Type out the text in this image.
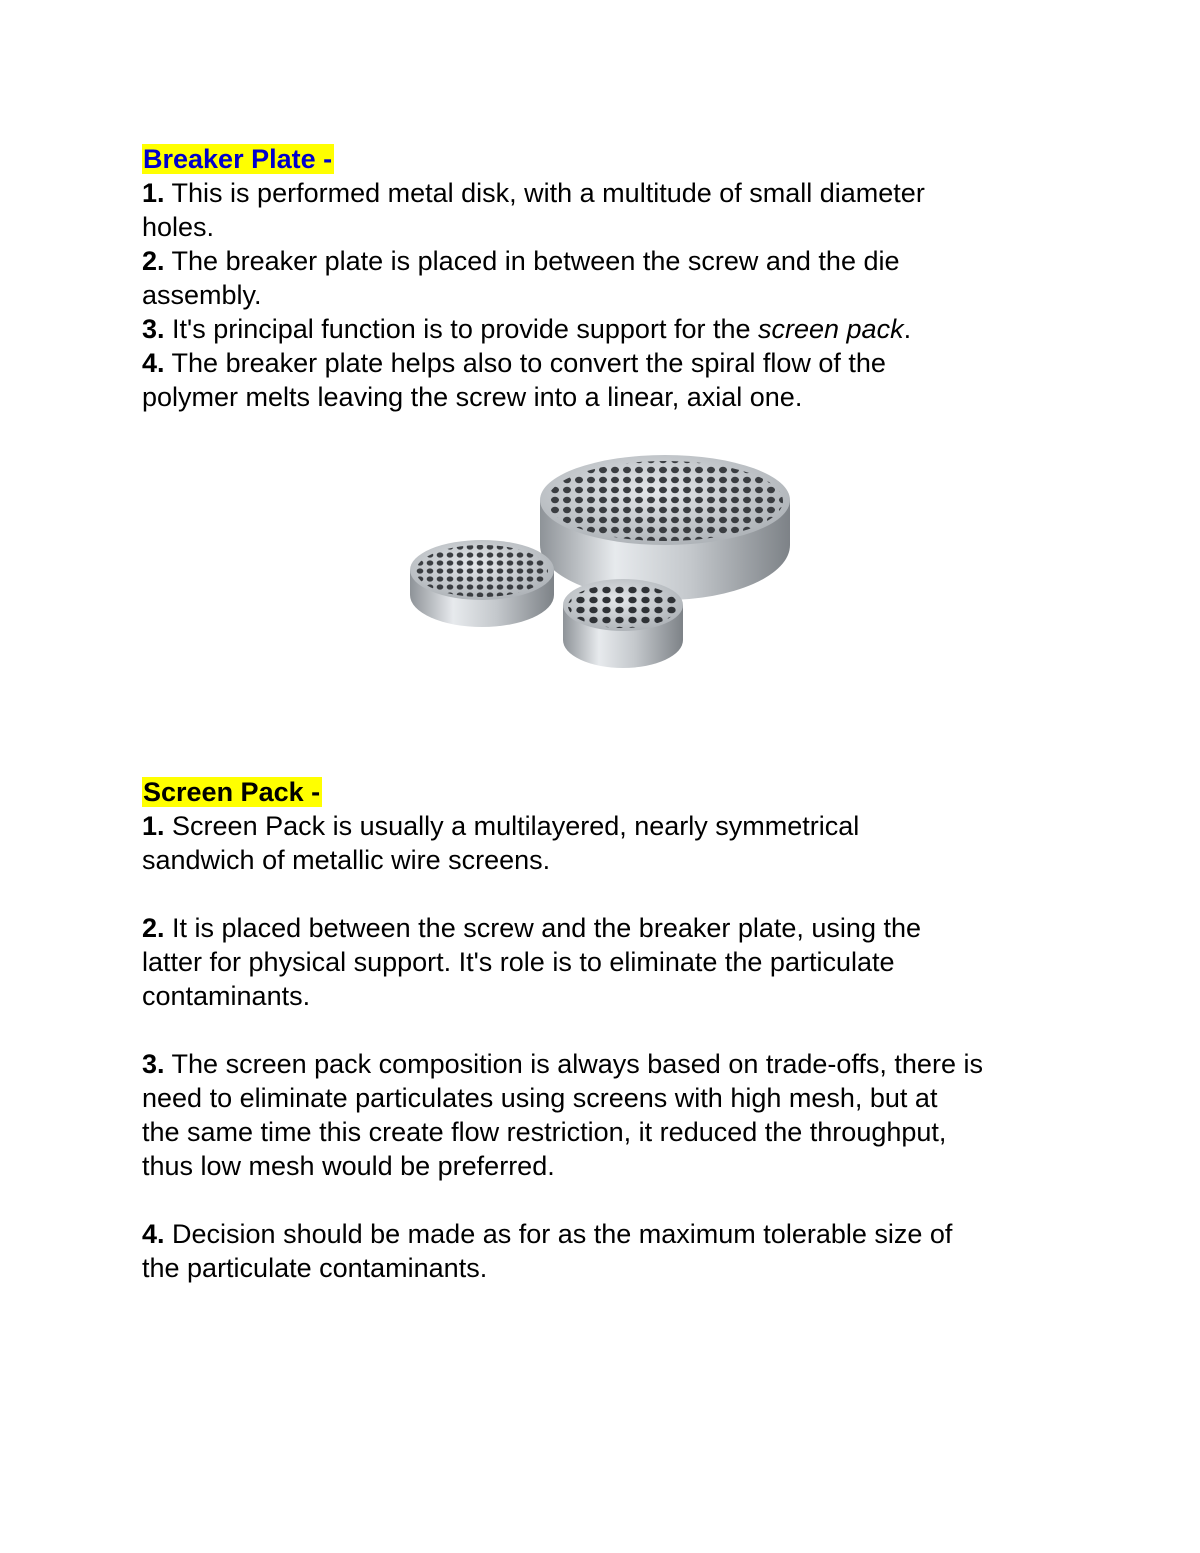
Breaker Plate -
1. This is performed metal disk, with a multitude of small diameter
holes.
2. The breaker plate is placed in between the screw and the die
assembly.
3. It's principal function is to provide support for the screen pack.
4. The breaker plate helps also to convert the spiral flow of the
polymer melts leaving the screw into a linear, axial one.
Screen Pack -
1. Screen Pack is usually a multilayered, nearly symmetrical
sandwich of metallic wire screens.
2. It is placed between the screw and the breaker plate, using the
latter for physical support. It's role is to eliminate the particulate
contaminants.
3. The screen pack composition is always based on trade-offs, there is
need to eliminate particulates using screens with high mesh, but at
the same time this create flow restriction, it reduced the throughput,
thus low mesh would be preferred.
4. Decision should be made as for as the maximum tolerable size of
the particulate contaminants.
